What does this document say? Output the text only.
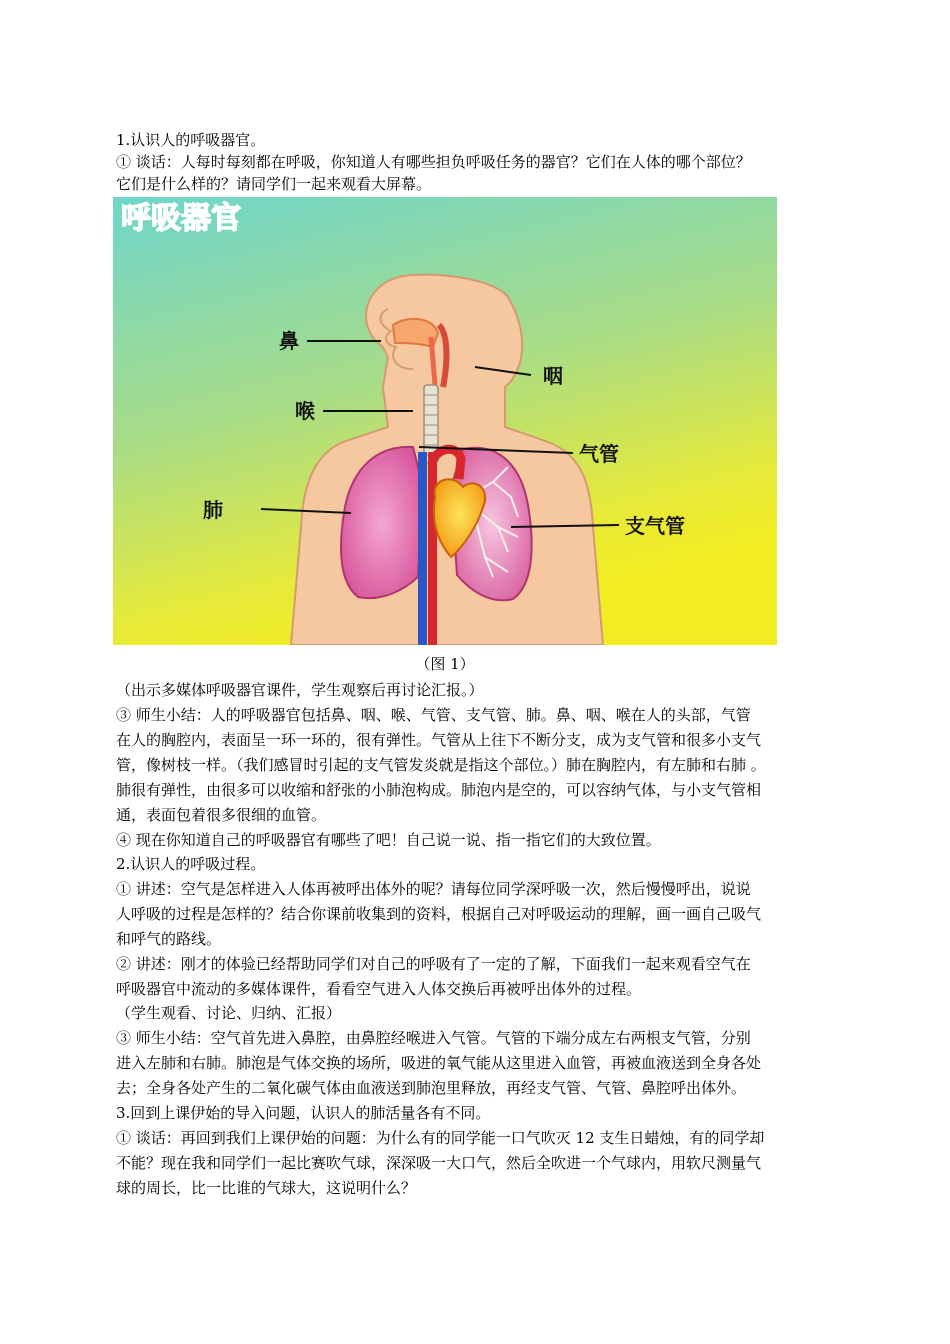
1.认识人的呼吸器官。
① 谈话：人每时每刻都在呼吸，你知道人有哪些担负呼吸任务的器官？它们在人体的哪个部位？
它们是什么样的？请同学们一起来观看大屏幕。
呼吸器官
鼻
咽
喉
气管
肺
支气管
（图 1）
（出示多媒体呼吸器官课件，学生观察后再讨论汇报。）
③ 师生小结：人的呼吸器官包括鼻、咽、喉、气管、支气管、肺。鼻、咽、喉在人的头部，气管
在人的胸腔内，表面呈一环一环的，很有弹性。气管从上往下不断分支，成为支气管和很多小支气
管，像树枝一样。（我们感冒时引起的支气管发炎就是指这个部位。）肺在胸腔内，有左肺和右肺 。
肺很有弹性，由很多可以收缩和舒张的小肺泡构成。肺泡内是空的，可以容纳气体，与小支气管相
通，表面包着很多很细的血管。
④ 现在你知道自己的呼吸器官有哪些了吧！自己说一说、指一指它们的大致位置。
2.认识人的呼吸过程。
① 讲述：空气是怎样进入人体再被呼出体外的呢？请每位同学深呼吸一次，然后慢慢呼出，说说
人呼吸的过程是怎样的？结合你课前收集到的资料，根据自己对呼吸运动的理解，画一画自己吸气
和呼气的路线。
② 讲述：刚才的体验已经帮助同学们对自己的呼吸有了一定的了解，下面我们一起来观看空气在
呼吸器官中流动的多媒体课件，看看空气进入人体交换后再被呼出体外的过程。
（学生观看、讨论、归纳、汇报）
③ 师生小结：空气首先进入鼻腔，由鼻腔经喉进入气管。气管的下端分成左右两根支气管，分别
进入左肺和右肺。肺泡是气体交换的场所，吸进的氧气能从这里进入血管，再被血液送到全身各处
去；全身各处产生的二氧化碳气体由血液送到肺泡里释放，再经支气管、气管、鼻腔呼出体外。
3.回到上课伊始的导入问题，认识人的肺活量各有不同。
① 谈话：再回到我们上课伊始的问题：为什么有的同学能一口气吹灭 12 支生日蜡烛，有的同学却
不能？现在我和同学们一起比赛吹气球，深深吸一大口气，然后全吹进一个气球内，用软尺测量气
球的周长，比一比谁的气球大，这说明什么？
